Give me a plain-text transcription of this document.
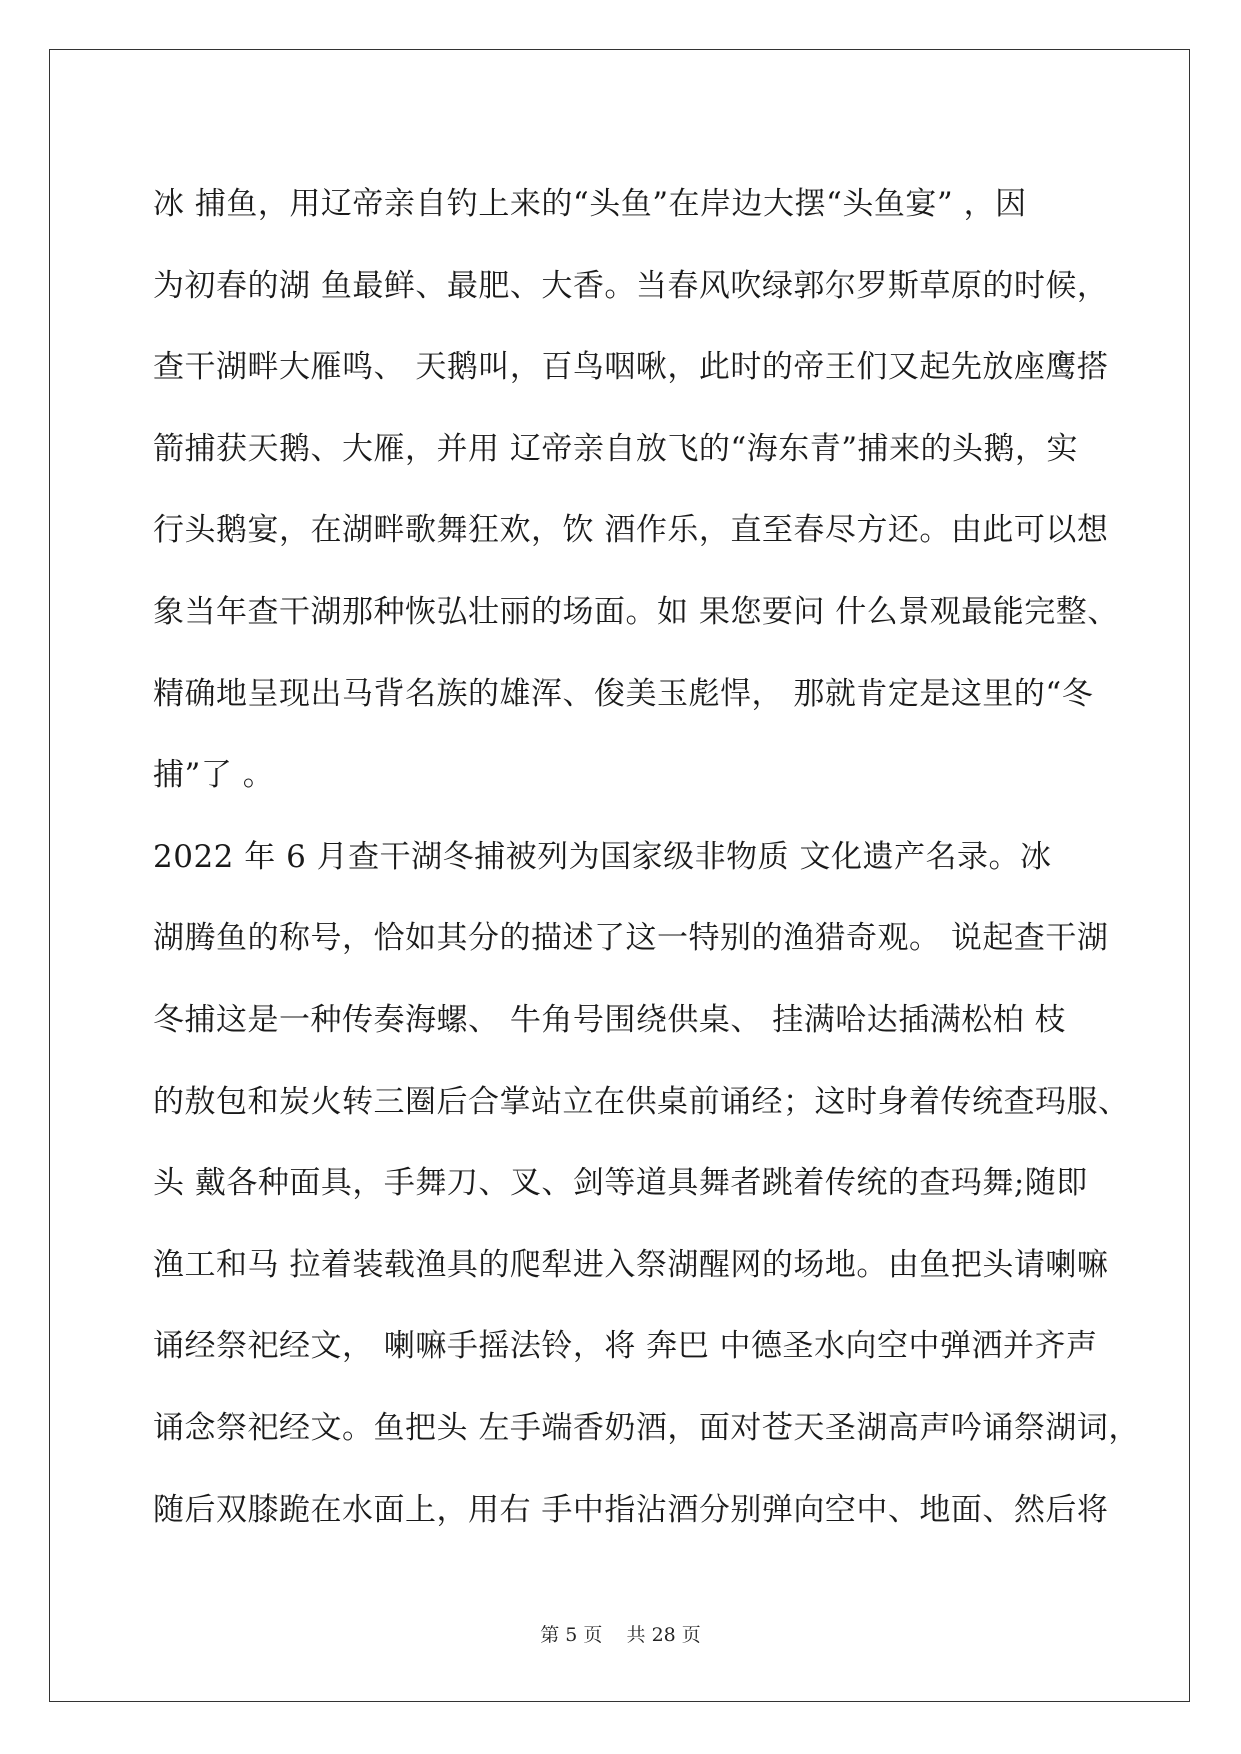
冰 捕鱼，用辽帝亲自钓上来的“头鱼”在岸边大摆“头鱼宴” ，因
为初春的湖 鱼最鲜、最肥、大香。当春风吹绿郭尔罗斯草原的时候，
查干湖畔大雁鸣、 天鹅叫，百鸟咽啾，此时的帝王们又起先放座鹰搭
箭捕获天鹅、大雁，并用 辽帝亲自放飞的“海东青”捕来的头鹅，实
行头鹅宴，在湖畔歌舞狂欢，饮 酒作乐，直至春尽方还。由此可以想
象当年查干湖那种恢弘壮丽的场面。如 果您要问 什么景观最能完整、
精确地呈现出马背名族的雄浑、俊美玉彪悍， 那就肯定是这里的“冬
捕”了 。
2022 年 6 月查干湖冬捕被列为国家级非物质 文化遗产名录。冰
湖腾鱼的称号，恰如其分的描述了这一特别的渔猎奇观。 说起查干湖
冬捕这是一种传奏海螺、 牛角号围绕供桌、 挂满哈达插满松柏 枝
的敖包和炭火转三圈后合掌站立在供桌前诵经；这时身着传统查玛服、
头 戴各种面具，手舞刀、叉、剑等道具舞者跳着传统的查玛舞;随即
渔工和马 拉着装载渔具的爬犁进入祭湖醒网的场地。由鱼把头请喇嘛
诵经祭祀经文， 喇嘛手摇法铃，将 奔巴 中德圣水向空中弹洒并齐声
诵念祭祀经文。鱼把头 左手端香奶酒，面对苍天圣湖高声吟诵祭湖词，
随后双膝跪在水面上，用右 手中指沾酒分别弹向空中、地面、然后将
第 5 页    共 28 页
